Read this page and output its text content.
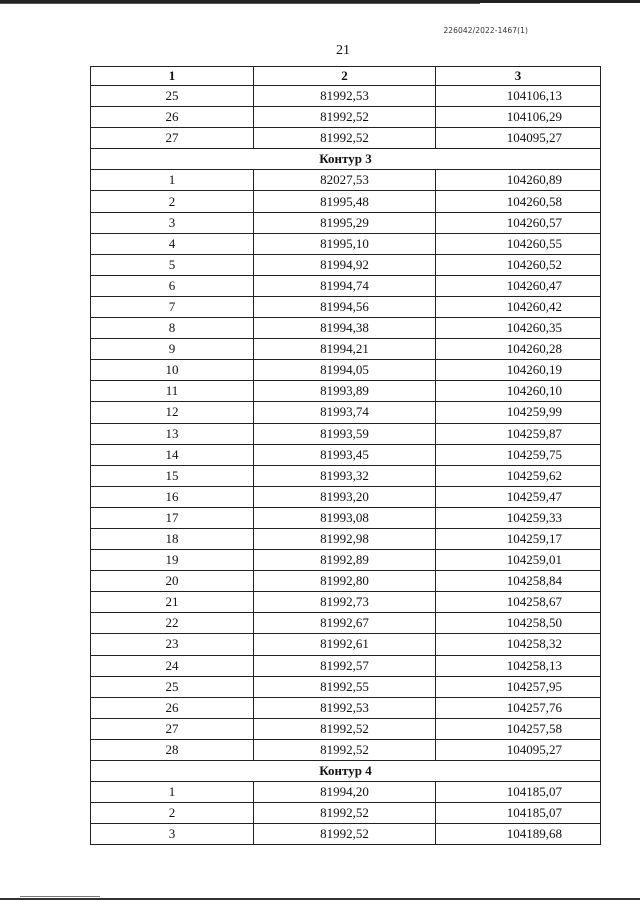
226042/2022-1467(1)
21
1	2	3
25	81992,53	104106,13
26	81992,52	104106,29
27	81992,52	104095,27
Контур 3		
1	82027,53	104260,89
2	81995,48	104260,58
3	81995,29	104260,57
4	81995,10	104260,55
5	81994,92	104260,52
6	81994,74	104260,47
7	81994,56	104260,42
8	81994,38	104260,35
9	81994,21	104260,28
10	81994,05	104260,19
11	81993,89	104260,10
12	81993,74	104259,99
13	81993,59	104259,87
14	81993,45	104259,75
15	81993,32	104259,62
16	81993,20	104259,47
17	81993,08	104259,33
18	81992,98	104259,17
19	81992,89	104259,01
20	81992,80	104258,84
21	81992,73	104258,67
22	81992,67	104258,50
23	81992,61	104258,32
24	81992,57	104258,13
25	81992,55	104257,95
26	81992,53	104257,76
27	81992,52	104257,58
28	81992,52	104095,27
Контур 4		
1	81994,20	104185,07
2	81992,52	104185,07
3	81992,52	104189,68
